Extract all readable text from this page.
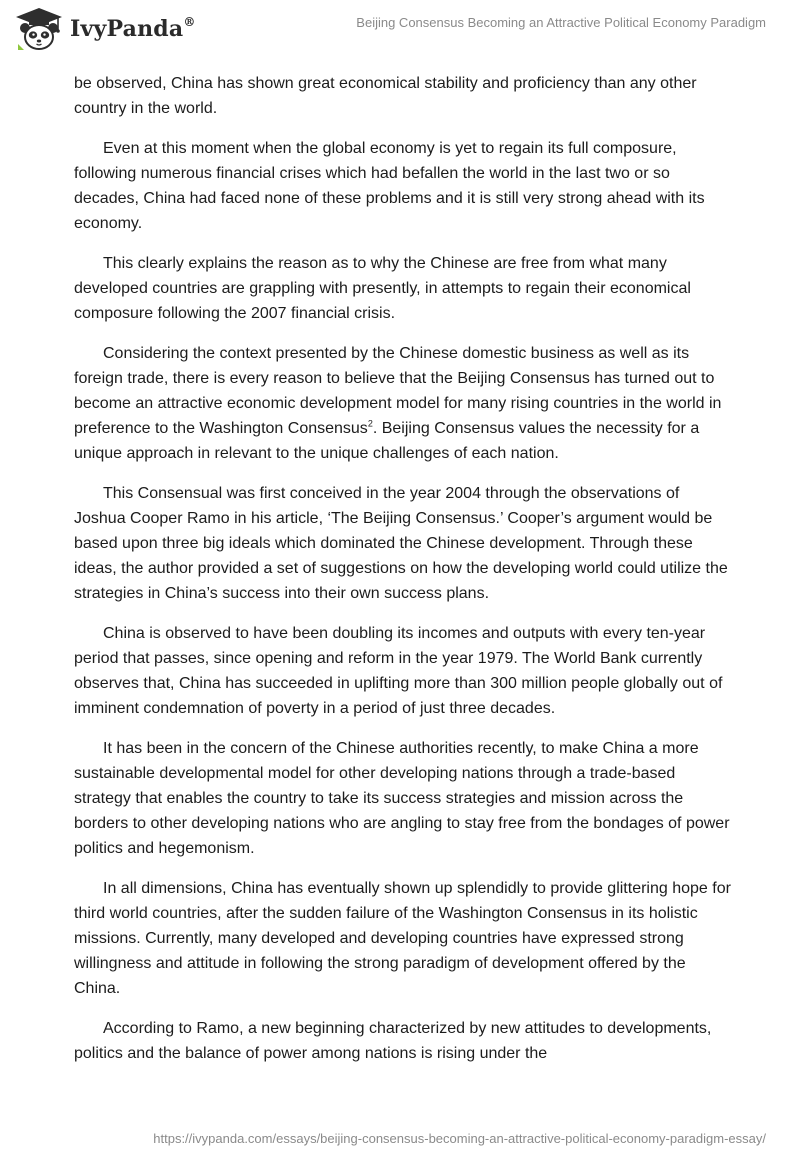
IvyPanda®	Beijing Consensus Becoming an Attractive Political Economy Paradigm

be observed, China has shown great economical stability and proficiency than any other country in the world.

Even at this moment when the global economy is yet to regain its full composure, following numerous financial crises which had befallen the world in the last two or so decades, China had faced none of these problems and it is still very strong ahead with its economy.

This clearly explains the reason as to why the Chinese are free from what many developed countries are grappling with presently, in attempts to regain their economical composure following the 2007 financial crisis.

Considering the context presented by the Chinese domestic business as well as its foreign trade, there is every reason to believe that the Beijing Consensus has turned out to become an attractive economic development model for many rising countries in the world in preference to the Washington Consensus$^2$. Beijing Consensus values the necessity for a unique approach in relevant to the unique challenges of each nation.

This Consensual was first conceived in the year 2004 through the observations of Joshua Cooper Ramo in his article, ‘The Beijing Consensus.’ Cooper’s argument would be based upon three big ideals which dominated the Chinese development. Through these ideas, the author provided a set of suggestions on how the developing world could utilize the strategies in China’s success into their own success plans.

China is observed to have been doubling its incomes and outputs with every ten-year period that passes, since opening and reform in the year 1979. The World Bank currently observes that, China has succeeded in uplifting more than 300 million people globally out of imminent condemnation of poverty in a period of just three decades.

It has been in the concern of the Chinese authorities recently, to make China a more sustainable developmental model for other developing nations through a trade-based strategy that enables the country to take its success strategies and mission across the borders to other developing nations who are angling to stay free from the bondages of power politics and hegemonism.

In all dimensions, China has eventually shown up splendidly to provide glittering hope for third world countries, after the sudden failure of the Washington Consensus in its holistic missions. Currently, many developed and developing countries have expressed strong willingness and attitude in following the strong paradigm of development offered by the China.

According to Ramo, a new beginning characterized by new attitudes to developments, politics and the balance of power among nations is rising under the

https://ivypanda.com/essays/beijing-consensus-becoming-an-attractive-political-economy-paradigm-essay/
